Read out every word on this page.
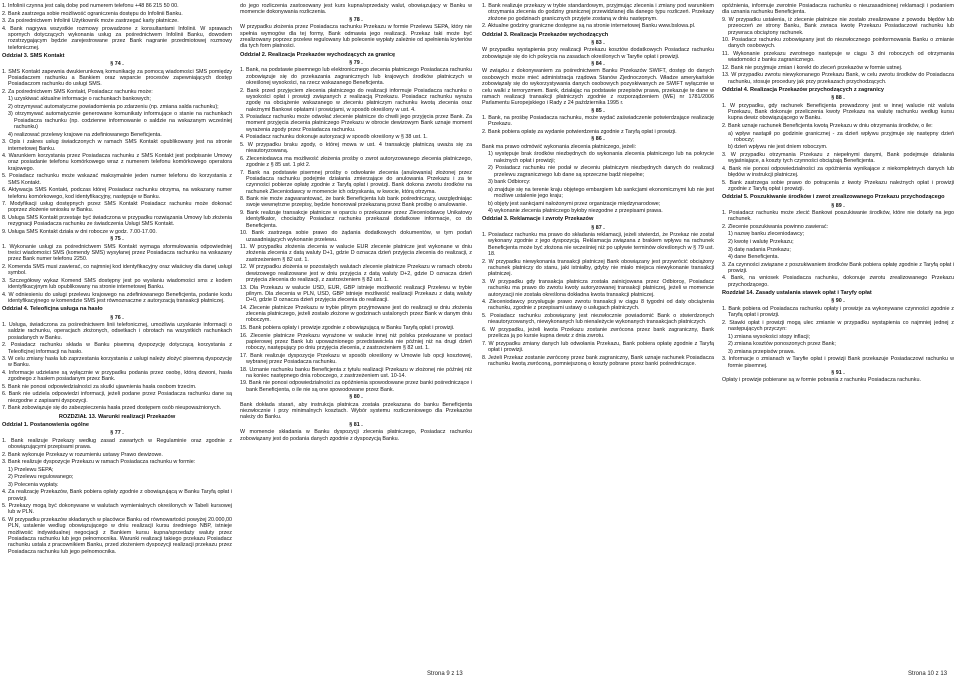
1. Infolinii czynna jest całą dobę pod numerem telefonu +48 86 215 50 00.

2. Bank zastrzega sobie możliwość ograniczenia dostępu do Infolinii Banku.

3. Za pośrednictwem Infolinii Użytkownik może zastrzegać karty płatnicze.

4. Bank nagrywa wszystkie rozmowy prowadzone z konsultantami Infolinii. W sprawach spornych dotyczących wykonania usług za pośrednictwem Infolinii Banku, dowodem rozstrzygającym będzie zarejestrowane przez Bank nagranie przedmiotowej rozmowy telefonicznej.

Oddział 3. SMS Kontakt

§ 74 .

1. SMS Kontakt zapewnia dwukierunkową komunikację za pomocą wiadomości SMS pomiędzy Posiadaczem rachunku a Bankiem oraz wsparcie procesów zapewniających dostęp Posiadaczom rachunku do usługi SMS.

2. Za pośrednictwem SMS Kontakt, Posiadacz rachunku może:

1) uzyskiwać aktualne informacje o rachunkach bankowych;

2) otrzymywać automatyczne powiadomienia po zdarzeniu (np. zmiana salda rachunku);

3) otrzymywać automatycznie generowane komunikaty informujące o stanie na rachunkach Posiadacza rachunku (np. codzienne informowanie o saldzie na wskazanym wcześniej rachunku)

4) realizować przelewy krajowe na zdefiniowanego Beneficjenta.

3. Opis i zakres usług świadczonych w ramach SMS Kontakt opublikowany jest na stronie internetowej Banku.

4. Warunkiem korzystania przez Posiadacza rachunku z SMS Kontakt jest podpisanie Umowy oraz posiadanie telefonu komórkowego wraz z numerem telefonu komórkowego operatora krajowego.

5. Posiadacz rachunku może wskazać maksymalnie jeden numer telefonu do korzystania z SMS Kontakt.

6. Aktywacja SMS Kontakt, podczas której Posiadacz rachunku otrzyma, na wskazany numer telefonu komórkowego, kod identyfikacyjny, następuje w Banku.

7. Modyfikacji usług dostępnych przez SMS Kontakt Posiadacz rachunku może dokonać poprzez złożenie wniosku w Banku.

8. Usługa SMS Kontakt przestaje być świadczona w przypadku rozwiązania Umowy lub złożenia rezygnacji Posiadacza rachunku ze świadczenia Usługi SMS Kontakt.

9. Usługa SMS Kontakt działa w dni robocze w godz. 7.00-17.00.

§ 75 .

1. Wykonanie usługi za pośrednictwem SMS Kontakt wymaga sformułowania odpowiedniej treści wiadomości SMS (komendy SMS) wysyłanej przez Posiadacza rachunku na wskazany przez Bank numer telefonu 2250.

2. Komenda SMS musi zawierać, co najmniej kod identyfikacyjny oraz właściwy dla danej usługi symbol.

3. Szczegółowy wykaz Komend SMS dostępny jest po wysłaniu wiadomości sms z kodem identyfikacyjnym lub opublikowany na stronie internetowej Banku.

4. W odniesieniu do usługi przelewu krajowego na zdefiniowanego Beneficjenta, podanie kodu identyfikacyjnego w komendzie SMS jest równoznaczne z autoryzacją transakcji płatniczej.

Oddział 4. Teleoficjna usługa na hasło

§ 76 .

1. Usługa, świadczona za pośrednictwem linii telefonicznej, umożliwia uzyskanie informacji o saldzie rachunku, operacjach złożonych, odsetkach i obrotach na wszystkich rachunkach posiadanych w Banku.

2. Posiadacz rachunku składa w Banku pisemną dyspozycję dotyczącą korzystania z Teleoficjnej informacji na hasło.

3. W celu zmiany hasła lub zaprzestania korzystania z usługi należy złożyć pisemną dyspozycję w Banku.

4. Informacje udzielane są wyłącznie w przypadku podania przez osobę, którą dzwoni, hasła zgodnego z hasłem posiadanym przez Bank.

5. Bank nie ponosi odpowiedzialności za skutki ujawnienia hasła osobom trzecim.

6. Bank nie udziela odpowiedzi informacji, jeżeli podane przez Posiadacza rachunku dane są niezgodne z zapisami dyspozycji.

7. Bank zobowiązuje się do zabezpieczenia hasła przed dostępem osób nieupoważnionych.

ROZDZIAŁ 13. Warunki realizacji Przekazów
Oddział 1. Postanowienia ogólne

§ 77 .

1. Bank realizuje Przekazy według zasad zawartych w Regulaminie oraz zgodnie z obowiązującymi przepisami prawa.

2. Bank wykonuje Przekazy w rozumieniu ustawy Prawo dewizowe.

3. Bank realizuje dyspozycje Przekazu w ramach Posiadacza rachunku w formie:

1) Przelewu SEPA;

2) Przelewu regulowanego;

3) Polecenia wypłaty.

4. Za realizację Przekazów, Bank pobiera opłaty zgodnie z obowiązującą w Banku Taryfą opłat i prowizji.

5. Przekazy mogą być dokonywane w walutach wymienialnych określonych w Tabeli kursowej lub w PLN.

6. W przypadku przekazów składanych w placówce Banku od równowartości powyżej 20.000,00 PLN, ustalenie wedlug obowiązującego w dniu realizacji kursu średniego NBP, istnieje możliwość indywidualnej negocjacji z Bankiem kursu kupna/sprzedaży waluty przez Posiadacza rachunku lub jego pełnomocnika. Warunki realizacji takiego przekazu Posiadacz rachunku ustala z pracownikiem Banku, przed złożeniem dyspozycji realizacji przekazu przez Posiadacza rachunku lub jego pełnomocnika.

do jego rozliczenia zastosowany jest kurs kupna/sprzedaży walut, obowiązujący w Banku w momencie dokonywania rozliczenia.

§ 78 .

W przypadku złożenia przez Posiadacza rachunku Przekazu w formie Przelewu SEPA, który nie spełnia wymogów dla tej formy, Bank odmawia jego realizacji. Przekaz taki może być zrealizowany poprzez przelew regulowany lub polecenie wypłaty zależnie od spełnienia kryteriów dla tych form płatności.

Oddział 2. Realizacja Przekazów wychodzących za granicę

§ 79 .

1. Bank, na podstawie pisemnego lub elektronicznego zlecenia płatniczego Posiadacza rachunku zobowiązuje się do przekazania zagranicznych lub krajowych środków płatniczych w określonej wysokości, na rzecz wskazanego Beneficjenta.

2. Bank przed przyjęciem zlecenia płatniczego do realizacji informuje Posiadacza rachunku o wysokości opłat i prowizji związanych z realizacją Przekazu. Posiadacz rachunku wyraża zgodę na obciążenie wskazanego w zleceniu płatniczym rachunku kwotą zlecenia oraz należnymi Bankowi opłatami i prowizjami, w sposób określony w ust. 4.

3. Posiadacz rachunku może odwołać zlecenie płatnicze do chwili jego przyjęcia przez Bank. Za moment przyjęcia zlecenia płatniczego Przekazu w obrocie dewizowym Bank uznaje moment wyrażenia zgody przez Posiadacza rachunku.

4. Posiadacz rachunku dokonuje autoryzacji w sposób określony w § 38 ust. 1.

5. W przypadku braku zgody, o której mowa w ust. 4 transakcję płatniczą uważa się za nieautoryzowaną.

6. Zleceniodawca ma możliwość złożenia prośby o zwrot autoryzowanego zlecenia płatniczego, zgodnie z § 85 ust. 1 pkt 2.

7. Bank na podstawie pisemnej prośby o odwołanie zlecenia (anulowania) złożonej przez Posiadacza rachunku podejmie działania zmierzające do anulowania Przekazu i za te czynności pobierze opłatę zgodnie z Taryfą opłat i prowizji. Bank dokona zwrotu środków na rachunek Zleceniodawcy w momencie ich odzyskania, w kwocie, którą otrzyma.

8. Bank nie może zagwarantować, że bank Beneficjenta lub bank pośredniczący, uwzględniając swoje wewnętrzne przepisy, będzie honorował przekazaną przez Bank prośbę o anulowanie.

9. Bank realizuje transakcje płatnicze w oparciu o przekazane przez Zleceniodawcę Unikatowy identyfikator, chociażby Posiadacz rachunku przekazał dodatkowe informacje, co do Beneficjenta.

10. Bank zastrzega sobie prawo do żądania dodatkowych dokumentów, w tym podań uzasadniających wykonanie przelewu.

11. W przypadku złożenia zlecenia w walucie EUR zlecenie płatnicze jest wykonane w dniu złożenia zlecenia z datą waluty D+1, gdzie D oznacza dzień przyjęcia zlecenia do realizacji, z zastrzeżeniem § 82 ust. 1.

12. W przypadku złożenia w pozostałych walutach zlecenie płatnicze Przekazu w ramach obrotu dewizowego realizowane jest w dniu przyjęcia z datą waluty D+2, gdzie D oznacza dzień przyjęcia zlecenia do realizacji, z zastrzeżeniem § 82 ust. 1.

13. Dla Przekazu w walucie USD, EUR, GBP istnieje możliwość realizacji Przelewu w trybie pilnym. Dla zlecenia w PLN, USD, GBP istnieje możliwość realizacji Przekazu z datą waluty D+0, gdzie D oznacza dzień przyjęcia zlecenia do realizacji.

14. Zlecenie płatnicze Przekazu w trybie pilnym przyjmowane jest do realizacji w dniu złożenia zlecenia płatniczego, jeżeli zostało złożone w godzinach ustalonych przez Bank w danym dniu roboczym.

15. Bank pobiera opłaty i prowizje zgodnie z obowiązującą w Banku Taryfą opłat i prowizji.

16. Zlecenie płatnicze Przekazu wyrażone w walucie innej niż polska przekazane w postaci papierowej przez Bank lub upoważnionego przedstawiciela nie później niż na drugi dzień roboczy, następujący po dniu przyjęcia zlecenia, z zastrzeżeniem § 82 ust. 1.

17. Bank realizuje dyspozycje Przekazu w sposób określony w Umowie lub opcji kosztowej, wybranej przez Posiadacza rachunku.

18. Uznanie rachunku banku Beneficjenta z tytułu realizacji Przekazu w złożonej nie później niż na koniec następnego dnia roboczego, z zastrzeżeniem ust. 10-14.

19. Bank nie ponosi odpowiedzialności za opóźnienia spowodowane przez banki pośredniczące i bank Beneficjenta, o ile nie są one spowodowane przez Bank.

§ 80 .

Bank dokłada starań, aby instrukcja płatnicza została przekazana do banku Beneficjenta niezwłocznie i przy minimalnych kosztach. Wybór systemu rozliczeniowego dla Przekazów należy do Banku.

§ 81 .

W momencie składania w Banku dyspozycji zlecenia płatniczego, Posiadacz rachunku zobowiązany jest do podania danych zgodnie z dyspozycją Banku.

1. Bank realizuje przekazy w trybie standardowym, przyjmując zlecenia i zmiany pod warunkiem otrzymania zlecenia do godziny granicznej przewidzianej dla danego typu rozliczeń. Przekazy złożone po godzinach granicznych przyjęte zostaną w dniu następnym.

2. Aktualne godziny graniczne dostępne są na stronie internetowej Banku www.bslowa.pl.

Oddział 3. Realizacja Przekazów wychodzących

§ 83 .

W przypadku wystąpienia przy realizacji Przekazu kosztów dodatkowych Posiadacz rachunku zobowiązuje się do ich pokrycia na zasadach określonych w Taryfie opłat i prowizji.

§ 84 .

W związku z dokonywaniem za pośrednictwem Banku Przekazów SWIFT, dostęp do danych osobowych może mieć administracja rządowa Stanów Zjednoczonych. Władze amerykańskie zobowiązały się do wykorzystywania danych osobowych pozyskiwanych ze SWIFT wyłącznie w celu walki z terroryzmem. Bank, działając na podstawie przepisów prawa, przekazuje te dane w ramach realizacji transakcji płatniczych zgodnie z rozporządzeniem (WE) nr 1781/2006 Parlamentu Europejskiego i Rady z 24 października 1995 r.

§ 85 .

1. Bank, na prośbę Posiadacza rachunku, może wydać zaświadczenie potwierdzające realizację Przekazu.

2. Bank pobiera opłatę za wydanie potwierdzenia zgodnie z Taryfą opłat i prowizji.

§ 86 .

Bank ma prawo odmówić wykonania zlecenia płatniczego, jeżeli:

1) występuje brak środków niezbędnych do wykonania zlecenia płatniczego lub na pokrycie należnych opłat i prowizji;

2) Posiadacz rachunku nie podał w zleceniu płatniczym niezbędnych danych do realizacji przelewu zagranicznego lub dane są sprzeczne bądź niepełne;

3) bank Odbiorcy:

a) znajduje się na terenie kraju objętego embargiem lub sankcjami ekonomicznymi lub nie jest możliwe ustalenie jego kraju;

b) objęty jest sankcjami nałożonymi przez organizacje międzynarodowe;

4) wykonanie zlecenia płatniczego byłoby niezgodne z przepisami prawa.

Oddział 3. Reklamacje i zwroty Przekazów

§ 87 .

1. Posiadacz rachunku ma prawo do składania reklamacji, jeżeli stwierdzi, że Przekaz nie został wykonany zgodnie z jego dyspozycją. Reklamacja związana z brakiem wpływu na rachunek Beneficjenta może być złożona nie wcześniej niż po upływie terminów określonych w § 79 ust. 18.

2. W przypadku niewykonania transakcji płatniczej Bank obowiązany jest przywrócić obciążony rachunek płatniczy do stanu, jaki istniałby, gdyby nie miało miejsca niewykonanie transakcji płatniczej.

3. W przypadku gdy transakcja płatnicza została zainicjowana przez Odbiorcę, Posiadacz rachunku ma prawo do zwrotu kwoty autoryzowanej transakcji płatniczej, jeżeli w momencie autoryzacji nie została określona dokładna kwota transakcji płatniczej.

4. Zleceniodawcy przysługuje prawo zwrotu transakcji w ciągu 8 tygodni od daty obciążenia rachunku, zgodnie z przepisami ustawy o usługach płatniczych.

5. Posiadacz rachunku zobowiązany jest niezwłocznie powiadomić Bank o stwierdzonych nieautoryzowanych, niewykonanych lub nienależycie wykonanych transakcjach płatniczych.

6. W przypadku, jeżeli kwota Przekazu zostanie zwrócona przez bank zagraniczny, Bank przelicza ją po kursie kupna dewiz z dnia zwrotu.

7. W przypadku zmiany danych lub odwołania Przekazu, Bank pobiera opłatę zgodnie z Taryfą opłat i prowizji.

8. Jeżeli Przekaz zostanie zwrócony przez bank zagraniczny, Bank uznaje rachunek Posiadacza rachunku kwotą zwróconą, pomniejszoną o koszty pobrane przez banki pośredniczące.

opóźnienia, informuje zwrotnie Posiadacza rachunku o nieuzasadnionej reklamacji i podaniem dla uznania rachunku Beneficjenta.

9. W przypadku ustalenia, iż zlecenie płatnicze nie zostało zrealizowane z powodu błędów lub przeoczeń ze strony Banku, Bank zwraca kwotę Przekazu Posiadaczowi rachunku lub przywraca obciążony rachunek.

10. Posiadacz rachunku zobowiązany jest do niezwłocznego poinformowania Banku o zmianie danych osobowych.

11. Wykonanie przekazu zwrotnego następuje w ciągu 3 dni roboczych od otrzymania wiadomości z banku zagranicznego.

12. Bank nie przyjmuje zmian i korekt do zleceń przekazów w formie ustnej.

13. W przypadku zwrotu niewykonanego Przekazu Bank, w celu zwrotu środków do Posiadacza rachunku, stosuje procedury jak przy przekazach przychodzących.

Oddział 4. Realizacja Przekazów przychodzących z zagranicy

§ 88 .

1. W przypadku, gdy rachunek Beneficjenta prowadzony jest w innej walucie niż waluta Przekazu, Bank dokonuje przeliczenia kwoty Przekazu na walutę rachunku według kursu kupna dewiz obowiązującego w Banku.

2. Bank uznaje rachunek Beneficjenta kwotą Przekazu w dniu otrzymania środków, o ile:

a) wpływ nastąpił po godzinie granicznej - za dzień wpływu przyjmuje się następny dzień roboczy;

b) dzień wpływu nie jest dniem roboczym.

3. W przypadku otrzymania Przekazu z niepełnymi danymi, Bank podejmuje działania wyjaśniające, a koszty tych czynności obciążają Beneficjenta.

4. Bank nie ponosi odpowiedzialności za opóźnienia wynikające z niekompletnych danych lub błędów w instrukcji płatniczej.

5. Bank zastrzega sobie prawo do potrącenia z kwoty Przekazu należnych opłat i prowizji zgodnie z Taryfą opłat i prowizji.

Oddział 5. Poszukiwanie środków i zwrot zrealizowanego Przekazu przychodzącego

§ 89 .

1. Posiadacz rachunku może zlecić Bankowi poszukiwanie środków, które nie dotarły na jego rachunek.

2. Zlecenie poszukiwania powinno zawierać:

1) nazwę banku zleceniodawcy;

2) kwotę i walutę Przekazu;

3) datę nadania Przekazu;

4) dane Beneficjenta.

3. Za czynności związane z poszukiwaniem środków Bank pobiera opłatę zgodnie z Taryfą opłat i prowizji.

4. Bank, na wniosek Posiadacza rachunku, dokonuje zwrotu zrealizowanego Przekazu przychodzącego.

Rozdział 14. Zasady ustalania stawek opłat i Taryfy opłat

§ 90 .

1. Bank pobiera od Posiadacza rachunku opłaty i prowizje za wykonywane czynności zgodnie z Taryfą opłat i prowizji.

2. Stawki opłat i prowizji mogą ulec zmianie w przypadku wystąpienia co najmniej jednej z następujących przyczyn:

1) zmiana wysokości stopy inflacji;

2) zmiana kosztów ponoszonych przez Bank;

3) zmiana przepisów prawa.

3. Informacje o zmianach w Taryfie opłat i prowizji Bank przekazuje Posiadaczowi rachunku w formie pisemnej.

§ 91 .

Opłaty i prowizje pobierane są w formie pobrania z rachunku Posiadacza rachunku.

Strona 9 z 13	Strona 10 z 13
